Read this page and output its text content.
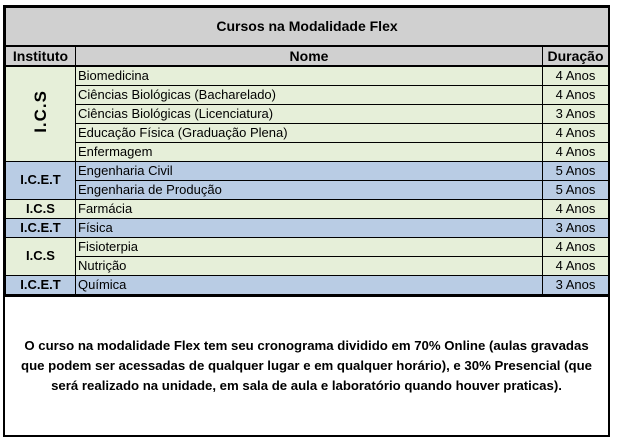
Cursos na Modalidade Flex		
Instituto	Nome	Duração
I.C.S	Biomedicina	4 Anos
	Ciências Biológicas (Bacharelado)	4 Anos
	Ciências Biológicas (Licenciatura)	3 Anos
	Educação Física (Graduação Plena)	4 Anos
	Enfermagem	4 Anos
I.C.E.T	Engenharia Civil	5 Anos
	Engenharia de Produção	5 Anos
I.C.S	Farmácia	4 Anos
I.C.E.T	Física	3 Anos
I.C.S	Fisioterpia	4 Anos
	Nutrição	4 Anos
I.C.E.T	Química	3 Anos
O curso na modalidade Flex tem seu cronograma dividido em 70% Online (aulas gravadas que podem ser acessadas de qualquer lugar e em qualquer horário), e 30% Presencial (que será realizado na unidade, em sala de aula e laboratório quando houver praticas).
